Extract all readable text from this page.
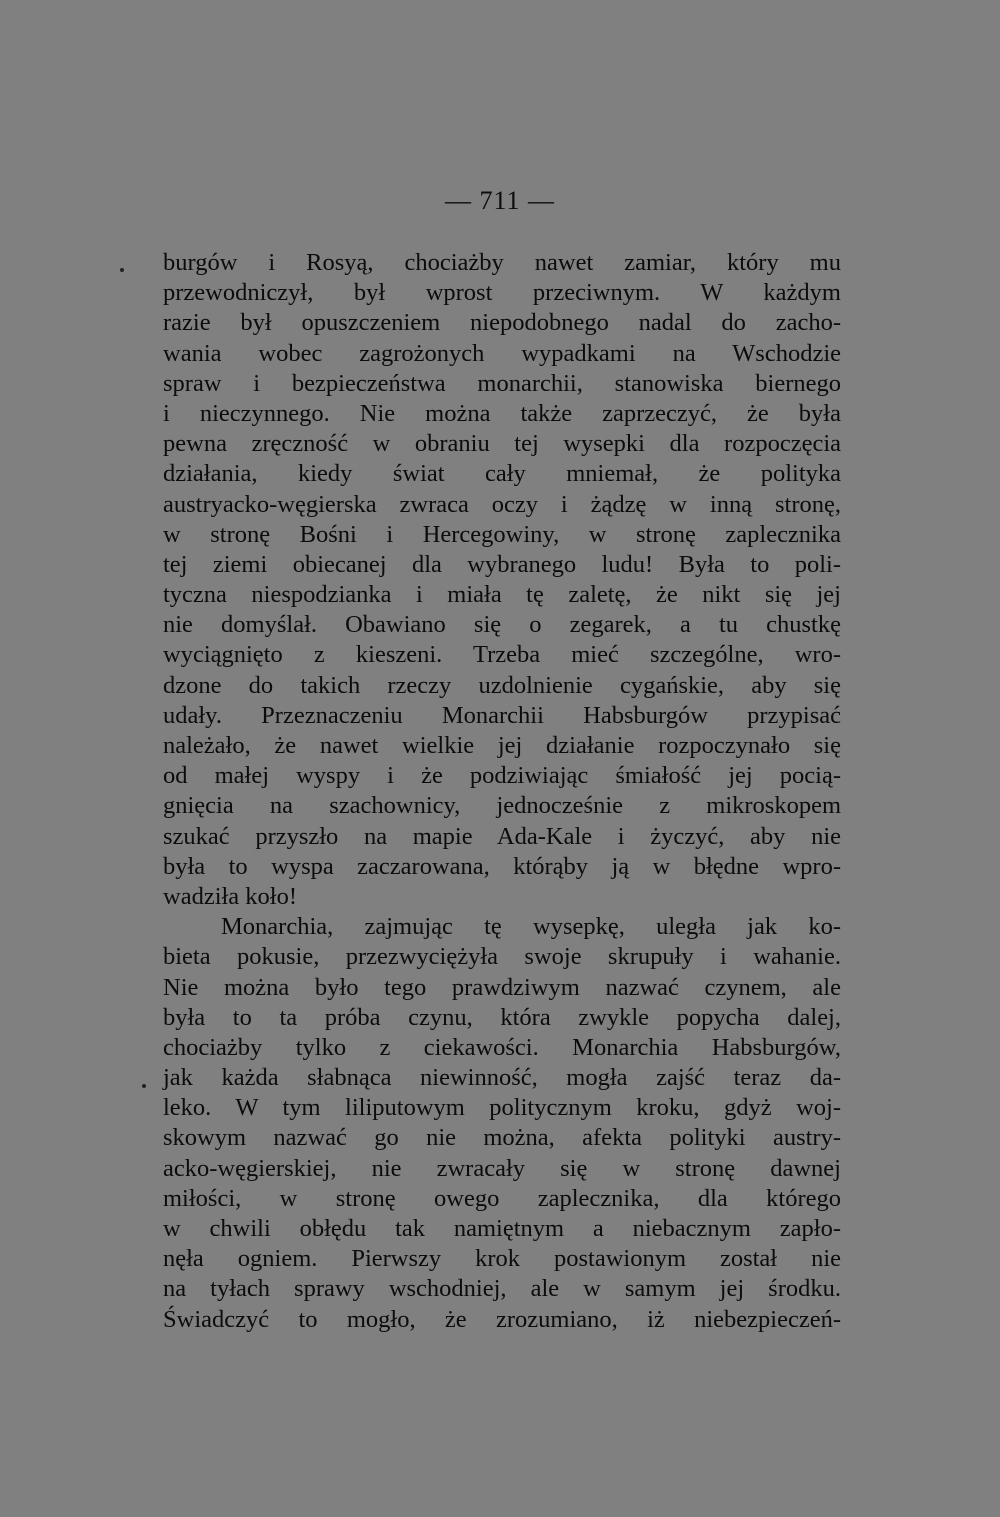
— 711 —
burgów i Rosyą, chociażby nawet zamiar, który mu
przewodniczył, był wprost przeciwnym. W każdym
razie był opuszczeniem niepodobnego nadal do zacho-
wania wobec zagrożonych wypadkami na Wschodzie
spraw i bezpieczeństwa monarchii, stanowiska biernego
i nieczynnego. Nie można także zaprzeczyć, że była
pewna zręczność w obraniu tej wysepki dla rozpoczęcia
działania, kiedy świat cały mniemał, że polityka
austryacko-węgierska zwraca oczy i żądzę w inną stronę,
w stronę Bośni i Hercegowiny, w stronę zaplecznika
tej ziemi obiecanej dla wybranego ludu! Była to poli-
tyczna niespodzianka i miała tę zaletę, że nikt się jej
nie domyślał. Obawiano się o zegarek, a tu chustkę
wyciągnięto z kieszeni. Trzeba mieć szczególne, wro-
dzone do takich rzeczy uzdolnienie cygańskie, aby się
udały. Przeznaczeniu Monarchii Habsburgów przypisać
należało, że nawet wielkie jej działanie rozpoczynało się
od małej wyspy i że podziwiając śmiałość jej pocią-
gnięcia na szachownicy, jednocześnie z mikroskopem
szukać przyszło na mapie Ada-Kale i życzyć, aby nie
była to wyspa zaczarowana, którąby ją w błędne wpro-
wadziła koło!
Monarchia, zajmując tę wysepkę, uległa jak ko-
bieta pokusie, przezwyciężyła swoje skrupuły i wahanie.
Nie można było tego prawdziwym nazwać czynem, ale
była to ta próba czynu, która zwykle popycha dalej,
chociażby tylko z ciekawości. Monarchia Habsburgów,
jak każda słabnąca niewinność, mogła zajść teraz da-
leko. W tym liliputowym politycznym kroku, gdyż woj-
skowym nazwać go nie można, afekta polityki austry-
acko-węgierskiej, nie zwracały się w stronę dawnej
miłości, w stronę owego zaplecznika, dla którego
w chwili obłędu tak namiętnym a niebacznym zapło-
nęła ogniem. Pierwszy krok postawionym został nie
na tyłach sprawy wschodniej, ale w samym jej środku.
Świadczyć to mogło, że zrozumiano, iż niebezpieczeń-
